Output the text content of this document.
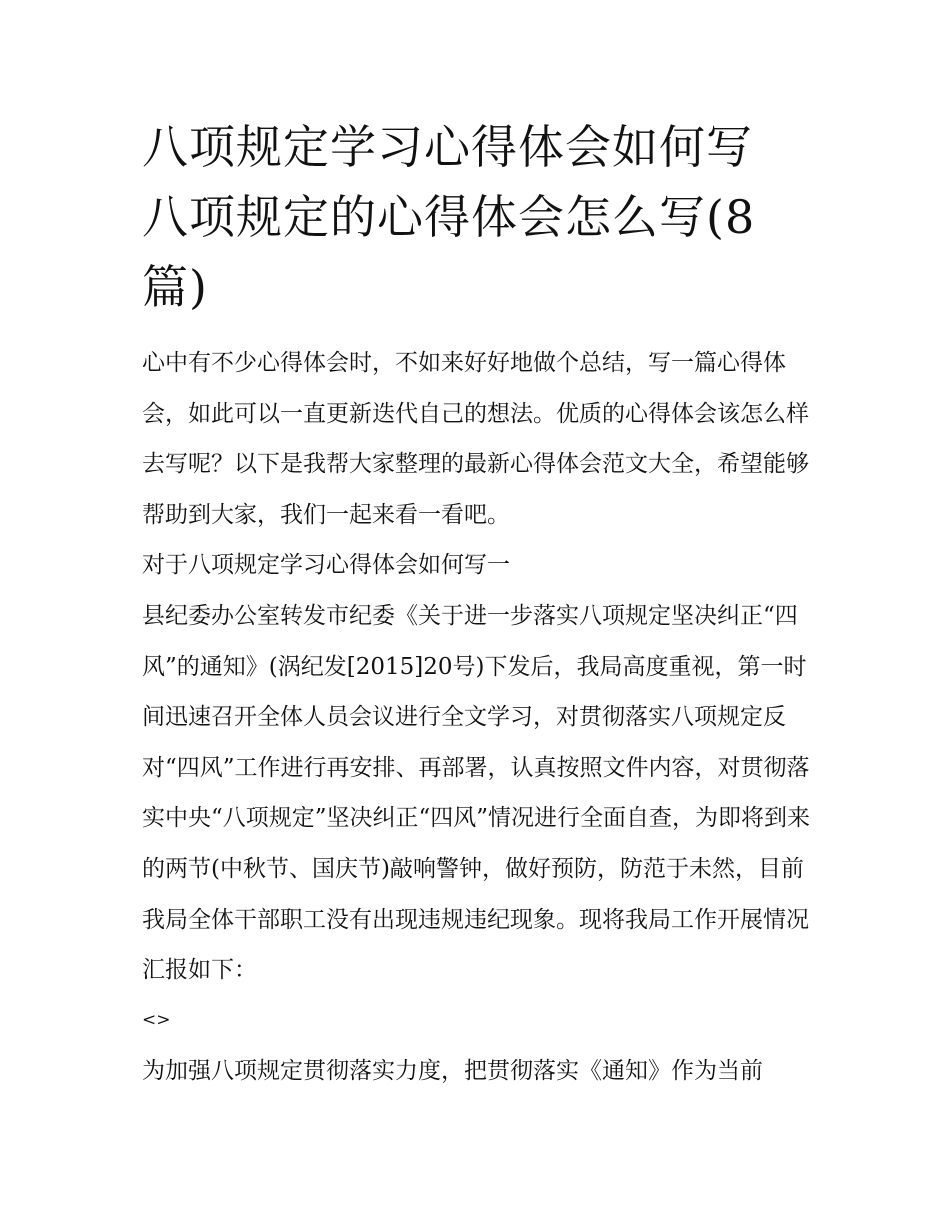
八项规定学习心得体会如何写
八项规定的心得体会怎么写(8
篇)

心中有不少心得体会时，不如来好好地做个总结，写一篇心得体会，如此可以一直更新迭代自己的想法。优质的心得体会该怎么样去写呢？以下是我帮大家整理的最新心得体会范文大全，希望能够帮助到大家，我们一起来看一看吧。

对于八项规定学习心得体会如何写一

县纪委办公室转发市纪委《关于进一步落实八项规定坚决纠正“四风”的通知》(涡纪发[2015]20号)下发后，我局高度重视，第一时间迅速召开全体人员会议进行全文学习，对贯彻落实八项规定反对“四风”工作进行再安排、再部署，认真按照文件内容，对贯彻落实中央“八项规定”坚决纠正“四风”情况进行全面自查，为即将到来的两节(中秋节、国庆节)敲响警钟，做好预防，防范于未然，目前我局全体干部职工没有出现违规违纪现象。现将我局工作开展情况汇报如下：

<>

为加强八项规定贯彻落实力度，把贯彻落实《通知》作为当前
